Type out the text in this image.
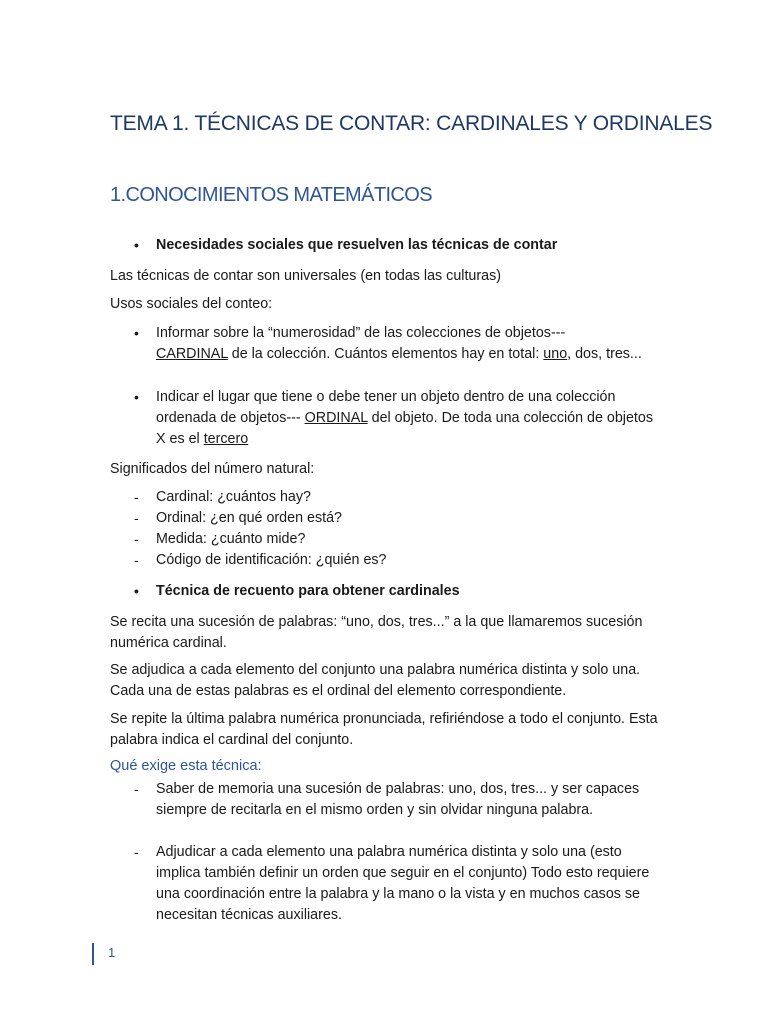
TEMA 1. TÉCNICAS DE CONTAR: CARDINALES Y ORDINALES
1.CONOCIMIENTOS MATEMÁTICOS
•	Necesidades sociales que resuelven las técnicas de contar

Las técnicas de contar son universales (en todas las culturas)

Usos sociales del conteo:

•	Informar sobre la “numerosidad” de las colecciones de objetos---
CARDINAL de la colección. Cuántos elementos hay en total: uno, dos, tres...
•	Indicar el lugar que tiene o debe tener un objeto dentro de una colección ordenada de objetos--- ORDINAL del objeto. De toda una colección de objetos X es el tercero

Significados del número natural:

-	Cardinal: ¿cuántos hay?
-	Ordinal: ¿en qué orden está?
-	Medida: ¿cuánto mide?
-	Código de identificación: ¿quién es?
•	Técnica de recuento para obtener cardinales

Se recita una sucesión de palabras: “uno, dos, tres...” a la que llamaremos sucesión numérica cardinal.

Se adjudica a cada elemento del conjunto una palabra numérica distinta y solo una. Cada una de estas palabras es el ordinal del elemento correspondiente.

Se repite la última palabra numérica pronunciada, refiriéndose a todo el conjunto. Esta palabra indica el cardinal del conjunto.

Qué exige esta técnica:

-	Saber de memoria una sucesión de palabras: uno, dos, tres... y ser capaces siempre de recitarla en el mismo orden y sin olvidar ninguna palabra.
-	Adjudicar a cada elemento una palabra numérica distinta y solo una (esto implica también definir un orden que seguir en el conjunto) Todo esto requiere una coordinación entre la palabra y la mano o la vista y en muchos casos se necesitan técnicas auxiliares.
1
